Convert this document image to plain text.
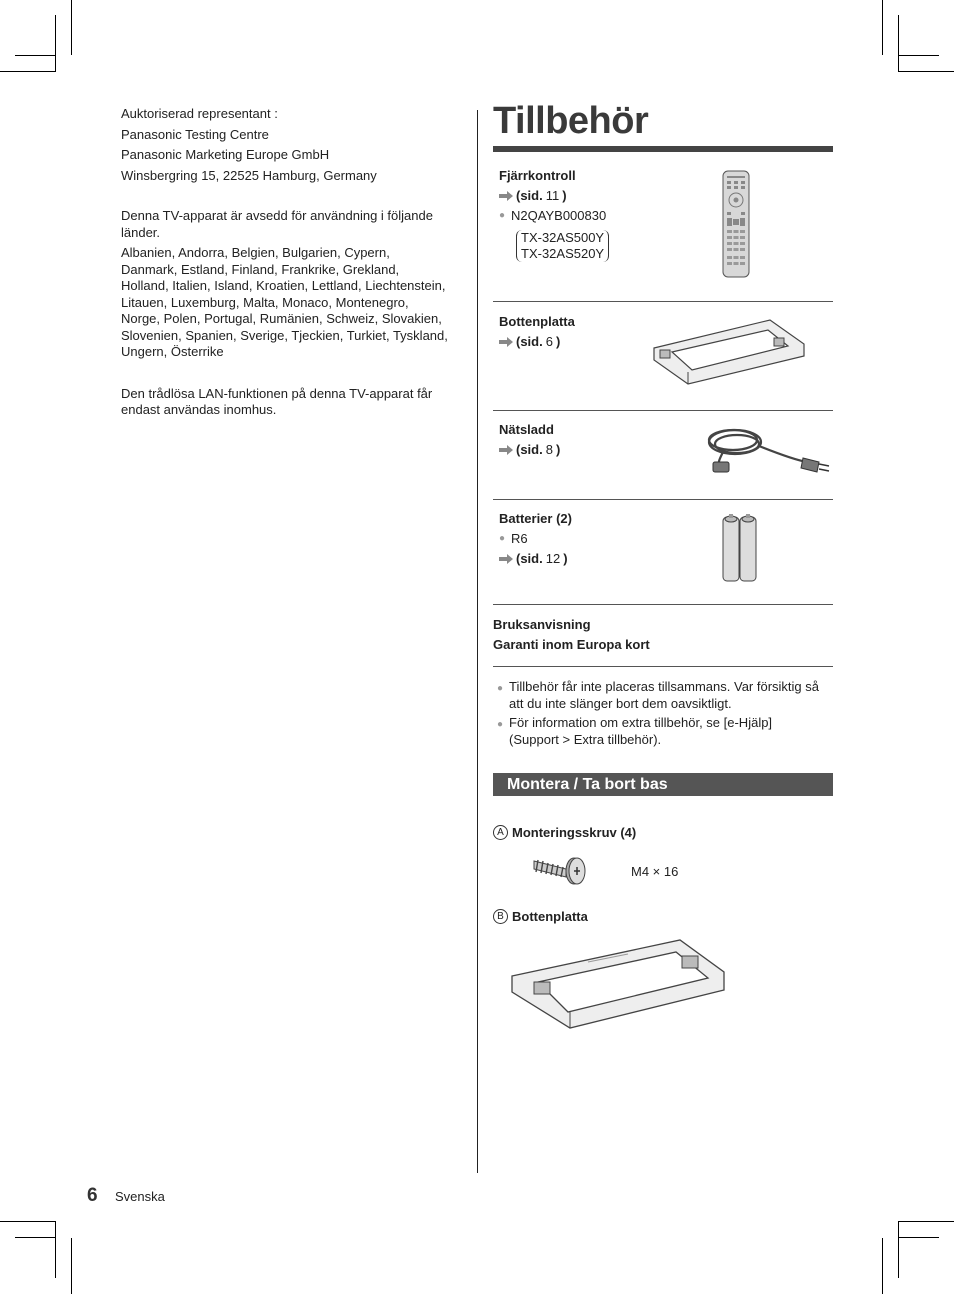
Auktoriserad representant :

Panasonic Testing Centre

Panasonic Marketing Europe GmbH

Winsbergring 15, 22525 Hamburg, Germany

Denna TV-apparat är avsedd för användning i följande

länder.

Albanien, Andorra, Belgien, Bulgarien, Cypern,

Danmark, Estland, Finland, Frankrike, Grekland,

Holland, Italien, Island, Kroatien, Lettland, Liechtenstein,

Litauen, Luxemburg, Malta, Monaco, Montenegro,

Norge, Polen, Portugal, Rumänien, Schweiz, Slovakien,

Slovenien, Spanien, Sverige, Tjeckien, Turkiet, Tyskland,

Ungern, Österrike

Den trådlösa LAN-funktionen på denna TV-apparat får

endast användas inomhus.

Tillbehör
Fjärrkontroll
(sid. 11 )
● N2QAYB000830
TX-32AS500Y
TX-32AS520Y
Bottenplatta
(sid. 6 )
Nätsladd
(sid. 8 )
Batterier (2)
● R6
(sid. 12 )
Bruksanvisning
Garanti inom Europa kort
● Tillbehör får inte placeras tillsammans. Var försiktig så
att du inte slänger bort dem oavsiktligt.
● För information om extra tillbehör, se [e-Hjälp]
(Support > Extra tillbehör).
Montera / Ta bort bas
A Monteringsskruv (4)
M4 × 16
B Bottenplatta
6 Svenska
